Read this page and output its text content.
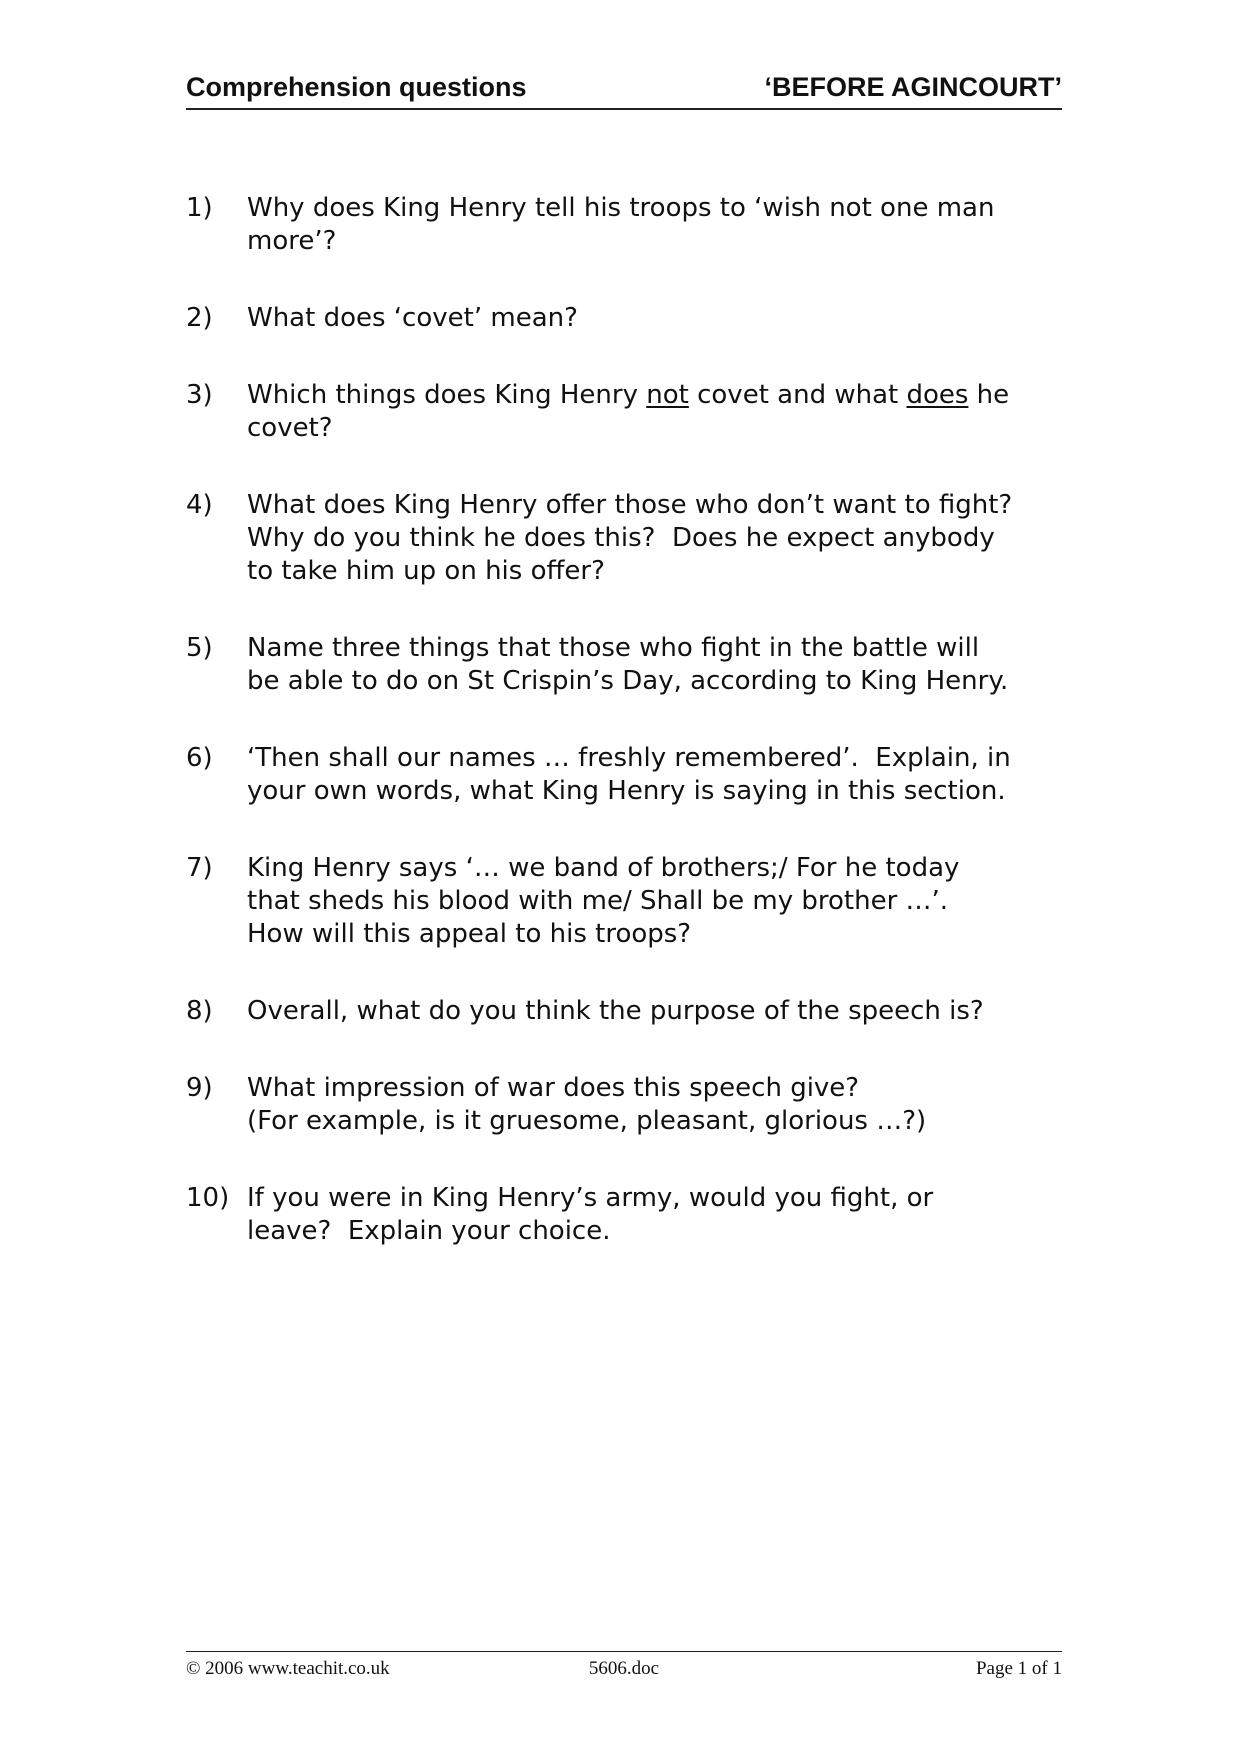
Comprehension questions	‘BEFORE AGINCOURT’
1) Why does King Henry tell his troops to ‘wish not one man
more’?
2) What does ‘covet’ mean?
3) Which things does King Henry not covet and what does he
covet?
4) What does King Henry offer those who don’t want to fight?
Why do you think he does this?  Does he expect anybody
to take him up on his offer?
5) Name three things that those who fight in the battle will
be able to do on St Crispin’s Day, according to King Henry.
6) ‘Then shall our names … freshly remembered’.  Explain, in
your own words, what King Henry is saying in this section.
7) King Henry says ‘… we band of brothers;/ For he today
that sheds his blood with me/ Shall be my brother …’.
How will this appeal to his troops?
8) Overall, what do you think the purpose of the speech is?
9) What impression of war does this speech give?
(For example, is it gruesome, pleasant, glorious …?)
10) If you were in King Henry’s army, would you fight, or
leave?  Explain your choice.
© 2006 www.teachit.co.uk	5606.doc	Page 1 of 1
